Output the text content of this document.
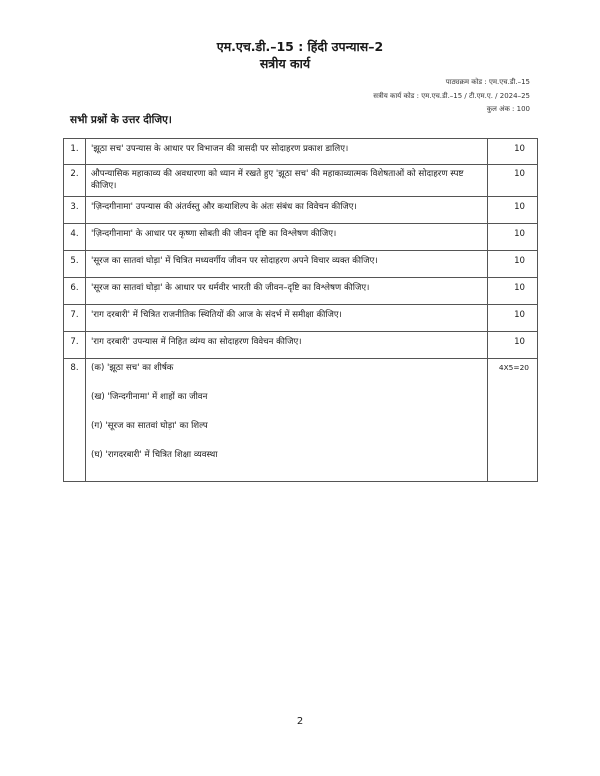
एम.एच.डी.–15 : हिंदी उपन्यास–2
सत्रीय कार्य
पाठ्यक्रम कोड : एम.एच.डी.–15
सत्रीय कार्य कोड : एम.एच.डी.–15 / टी.एम.ए. / 2024–25
कुल अंक : 100
सभी प्रश्नों के उत्तर दीजिए।
1.	'झूठा सच' उपन्यास के आधार पर विभाजन की त्रासदी पर सोदाहरण प्रकाश डालिए।	10
2.	औपन्यासिक महाकाव्य की अवधारणा को ध्यान में रखते हुए 'झूठा सच' की महाकाव्यात्मक विशेषताओं को सोदाहरण स्पष्ट कीजिए।	10
3.	'ज़िन्दगीनामा' उपन्यास की अंतर्वस्तु और कथाशिल्प के अंतः संबंध का विवेचन कीजिए।	10
4.	'ज़िन्दगीनामा' के आधार पर कृष्णा सोबती की जीवन दृष्टि का विश्लेषण कीजिए।	10
5.	'सूरज का सातवां घोड़ा' में चित्रित मध्यवर्गीय जीवन पर सोदाहरण अपने विचार व्यक्त कीजिए।	10
6.	'सूरज का सातवां घोड़ा' के आधार पर धर्मवीर भारती की जीवन–दृष्टि का विश्लेषण कीजिए।	10
7.	'राग दरबारी' में चित्रित राजनीतिक स्थितियों की आज के संदर्भ में समीक्षा कीजिए।	10
7.	'राग दरबारी' उपन्यास में निहित व्यंग्य का सोदाहरण विवेचन कीजिए।	10
8.	(क) 'झूठा सच' का शीर्षक
(ख) 'जिन्दगीनामा' में शाहों का जीवन
(ग) 'सूरज का सातवां घोड़ा' का शिल्प
(घ) 'रागदरबारी' में चित्रित शिक्षा व्यवस्था	4X5=20
2
